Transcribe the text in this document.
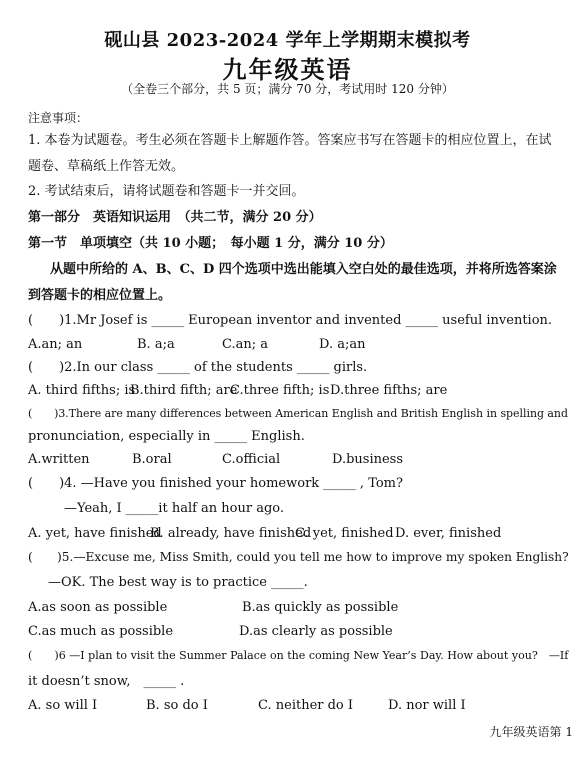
砚山县 2023-2024 学年上学期期末模拟考
九年级英语
（全卷三个部分，共 5 页；满分 70 分，考试用时 120 分钟）
注意事项：
1. 本卷为试题卷。考生必须在答题卡上解题作答。答案应书写在答题卡的相应位置上，在试
题卷、草稿纸上作答无效。
2. 考试结束后，请将试题卷和答题卡一并交回。
第一部分　英语知识运用　（共二节，满分 20 分）
第一节　单项填空（共 10 小题；　每小题 1 分，满分 10 分）
从题中所给的 A、B、C、D 四个选项中选出能填入空白处的最佳选项，并将所选答案涂
到答题卡的相应位置上。
(　　)1.Mr Josef is _____ European inventor and invented _____ useful invention.
A.an; an	B. a;a	C.an; a	D. a;an
(　　)2.In our class _____ of the students _____ girls.
A. third fifths; is
B.third fifth; are
C.three fifth; is D.three fifths; are
(　　)3.There are many differences between American English and British English in spelling and
pronunciation, especially in _____ English.
A.written	B.oral	C.official	D.business
(　　)4. —Have you finished your homework _____ , Tom?
—Yeah, I _____it half an hour ago.
A. yet, have finished
B. already, have finished
C. yet, finished D. ever, finished
(　　)5.—Excuse me, Miss Smith, could you tell me how to improve my spoken English?
—OK. The best way is to practice _____.
A.as soon as possible	B.as quickly as possible
C.as much as possible	D.as clearly as possible
(　　)6 —I plan to visit the Summer Palace on the coming New Year’s Day. How about you?　—If
it doesn’t snow,　_____ .
A. so will I	B. so do I	C. neither do I	D. nor will I
九年级英语第 1
